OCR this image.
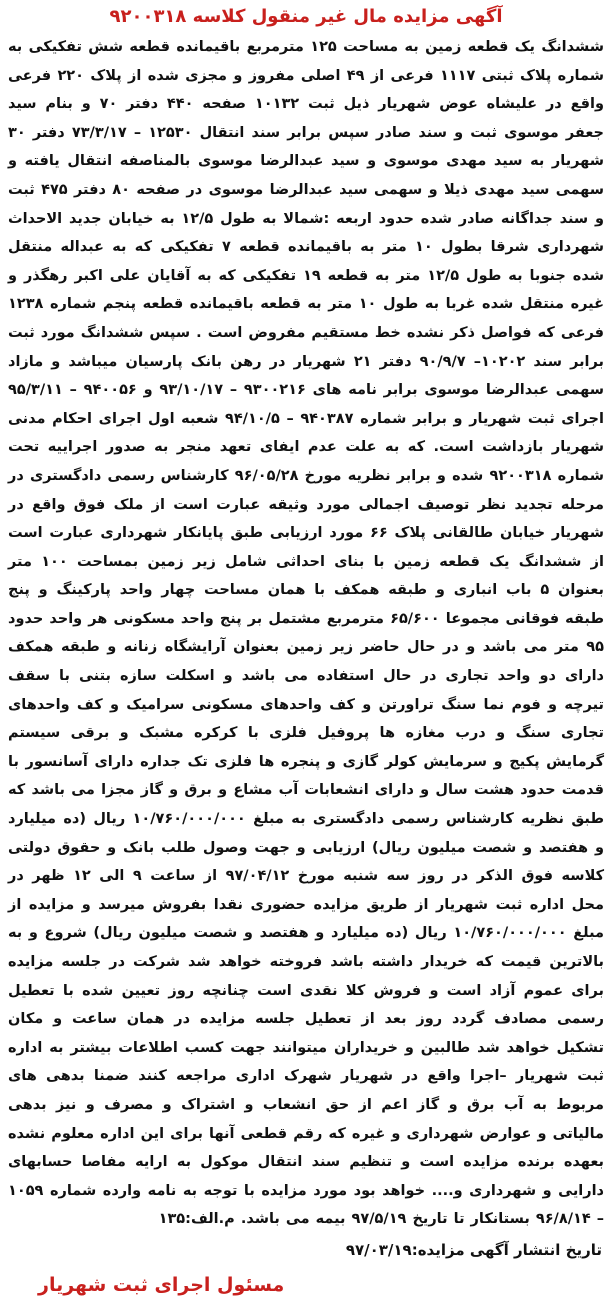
آگهی مزایده مال غیر منقول کلاسه ۹۲۰۰۳۱۸

ششدانگ یک قطعه زمین به مساحت ۱۲۵ مترمربع باقیمانده قطعه شش تفکیکی به شماره پلاک ثبتی ۱۱۱۷ فرعی از ۴۹ اصلی مفروز و مجزی شده از پلاک ۲۲۰ فرعی واقع در علیشاه عوض شهریار ذیل ثبت ۱۰۱۳۲ صفحه ۴۴۰ دفتر ۷۰ و بنام سید جعفر موسوی ثبت و سند صادر سپس برابر سند انتقال ۱۲۵۳۰ – ۷۳/۳/۱۷ دفتر ۳۰ شهریار به سید مهدی موسوی و سید عبدالرضا موسوی بالمناصفه انتقال یافته و سهمی سید مهدی ذیلا و سهمی سید عبدالرضا موسوی در صفحه ۸۰ دفتر ۴۷۵ ثبت و سند جداگانه صادر شده حدود اربعه :شمالا به طول ۱۲/۵ به خیابان جدید الاحداث شهرداری شرقا بطول ۱۰ متر به باقیمانده قطعه ۷ تفکیکی که به عبداله منتقل شده جنوبا به طول ۱۲/۵ متر به قطعه ۱۹ تفکیکی که به آقایان علی اکبر رهگذر و غیره منتقل شده غربا به طول ۱۰ متر به قطعه باقیمانده قطعه پنجم شماره ۱۲۳۸ فرعی که فواصل ذکر نشده خط مستقیم مفروض است . سپس ششدانگ مورد ثبت برابر سند ۱۰۲۰۲– ۹۰/۹/۷ دفتر ۲۱ شهریار در رهن بانک پارسیان میباشد و مازاد سهمی عبدالرضا موسوی برابر نامه های ۹۳۰۰۲۱۶ – ۹۳/۱۰/۱۷ و ۹۴۰۰۵۶ – ۹۵/۳/۱۱ اجرای ثبت شهریار و برابر شماره ۹۴۰۳۸۷ – ۹۴/۱۰/۵ شعبه اول اجرای احکام مدنی شهریار بازداشت است. که به علت عدم ایفای تعهد منجر به صدور اجراییه تحت شماره ۹۲۰۰۳۱۸ شده و برابر نظریه مورخ ۹۶/۰۵/۲۸ کارشناس رسمی دادگستری در مرحله تجدید نظر توصیف اجمالی مورد وثیقه عبارت است از ملک فوق واقع در شهریار خیابان طالقانی پلاک ۶۶ مورد ارزیابی طبق پایانکار شهرداری عبارت است از ششدانگ یک قطعه زمین با بنای احداثی شامل زیر زمین بمساحت ۱۰۰ متر بعنوان ۵ باب انباری و طبقه همکف با همان مساحت چهار واحد پارکینگ و پنج طبقه فوقانی مجموعا ۶۵/۶۰۰ مترمربع مشتمل بر پنج واحد مسکونی هر واحد حدود ۹۵ متر می باشد و در حال حاضر زیر زمین بعنوان آرایشگاه زنانه و طبقه همکف دارای دو واحد تجاری در حال استفاده می باشد و اسکلت سازه بتنی با سقف تیرچه و فوم نما سنگ تراورتن و کف واحدهای مسکونی سرامیک و کف واحدهای تجاری سنگ و درب مغازه ها پروفیل فلزی با کرکره مشبک و برقی سیستم گرمایش پکیج و سرمایش کولر گازی و پنجره ها فلزی تک جداره دارای آسانسور با قدمت حدود هشت سال و دارای انشعابات آب مشاع و برق و گاز مجزا می باشد که طبق نظریه کارشناس رسمی دادگستری به مبلغ ۱۰/۷۶۰/۰۰۰/۰۰۰ ریال (ده میلیارد و هفتصد و شصت میلیون ریال) ارزیابی و جهت وصول طلب بانک و حقوق دولتی کلاسه فوق الذکر در روز سه شنبه مورخ ۹۷/۰۴/۱۲ از ساعت ۹ الی ۱۲ ظهر در محل اداره ثبت شهریار از طریق مزایده حضوری نقدا بفروش میرسد و مزایده از مبلغ ۱۰/۷۶۰/۰۰۰/۰۰۰ ریال (ده میلیارد و هفتصد و شصت میلیون ریال) شروع و به بالاترین قیمت که خریدار داشته باشد فروخته خواهد شد شرکت در جلسه مزایده برای عموم آزاد است و فروش کلا نقدی است چنانچه روز تعیین شده با تعطیل رسمی مصادف گردد روز بعد از تعطیل جلسه مزایده در همان ساعت و مکان تشکیل خواهد شد طالبین و خریداران میتوانند جهت کسب اطلاعات بیشتر به اداره ثبت شهریار –اجرا واقع در شهریار شهرک اداری مراجعه کنند ضمنا بدهی های مربوط به آب برق و گاز اعم از حق انشعاب و اشتراک و مصرف و نیز بدهی مالیاتی و عوارض شهرداری و غیره که رقم قطعی آنها برای این اداره معلوم نشده بعهده برنده مزایده است و تنظیم سند انتقال موکول به ارایه مفاصا حسابهای دارایی و شهرداری و.... خواهد بود مورد مزایده با توجه به نامه وارده شماره ۱۰۵۹ – ۹۶/۸/۱۴ بستانکار تا تاریخ ۹۷/۵/۱۹ بیمه می باشد. م.الف:۱۳۵

تاریخ انتشار آگهی مزایده:۹۷/۰۳/۱۹

مسئول اجرای ثبت شهریار
